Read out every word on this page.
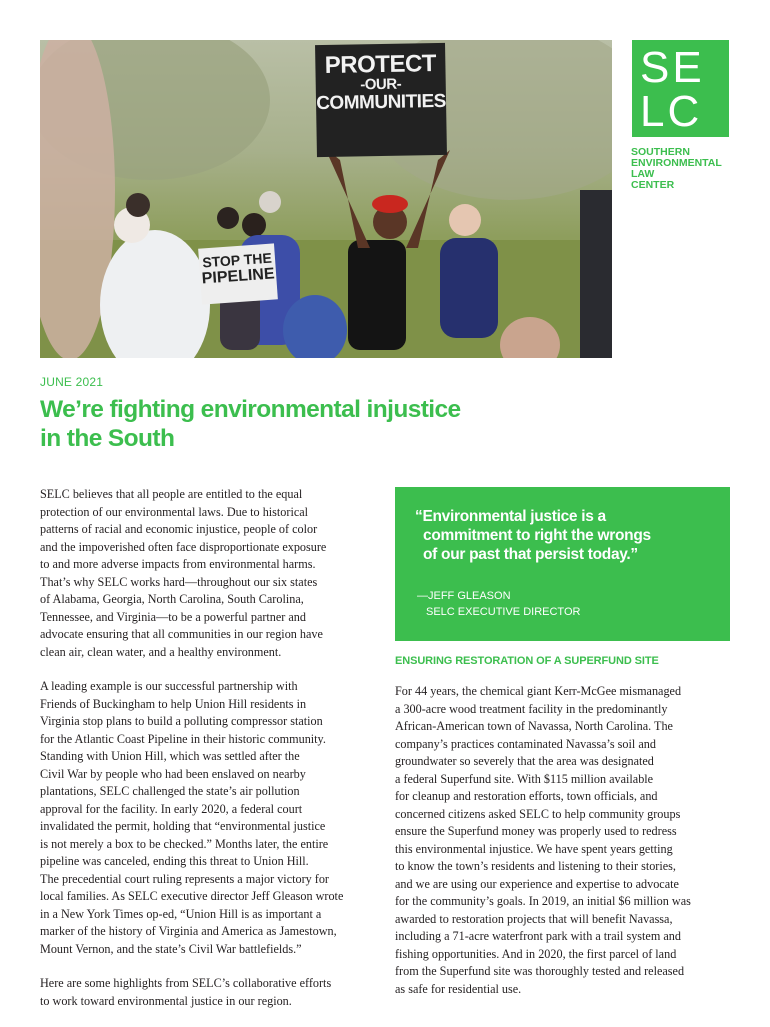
PROTECT
-OUR-
COMMUNITIES
STOP THE
PIPELINE
SE
LC
SOUTHERN
ENVIRONMENTAL
LAW
CENTER
JUNE 2021
We’re fighting environmental injustice
in the South

SELC believes that all people are entitled to the equal
protection of our environmental laws. Due to historical
patterns of racial and economic injustice, people of color
and the impoverished often face disproportionate exposure
to and more adverse impacts from environmental harms.
That’s why SELC works hard—throughout our six states
of Alabama, Georgia, North Carolina, South Carolina,
Tennessee, and Virginia—to be a powerful partner and
advocate ensuring that all communities in our region have
clean air, clean water, and a healthy environment.

A leading example is our successful partnership with
Friends of Buckingham to help Union Hill residents in
Virginia stop plans to build a polluting compressor station
for the Atlantic Coast Pipeline in their historic community.
Standing with Union Hill, which was settled after the
Civil War by people who had been enslaved on nearby
plantations, SELC challenged the state’s air pollution
approval for the facility. In early 2020, a federal court
invalidated the permit, holding that “environmental justice
is not merely a box to be checked.” Months later, the entire
pipeline was canceled, ending this threat to Union Hill.
The precedential court ruling represents a major victory for
local families. As SELC executive director Jeff Gleason wrote
in a New York Times op-ed, “Union Hill is as important a
marker of the history of Virginia and America as Jamestown,
Mount Vernon, and the state’s Civil War battlefields.”

Here are some highlights from SELC’s collaborative efforts
to work toward environmental justice in our region.

“Environmental justice is a
commitment to right the wrongs
of our past that persist today.”

—JEFF GLEASON
SELC EXECUTIVE DIRECTOR
ENSURING RESTORATION OF A SUPERFUND SITE

For 44 years, the chemical giant Kerr-McGee mismanaged
a 300-acre wood treatment facility in the predominantly
African-American town of Navassa, North Carolina. The
company’s practices contaminated Navassa’s soil and
groundwater so severely that the area was designated
a federal Superfund site. With $115 million available
for cleanup and restoration efforts, town officials, and
concerned citizens asked SELC to help community groups
ensure the Superfund money was properly used to redress
this environmental injustice. We have spent years getting
to know the town’s residents and listening to their stories,
and we are using our experience and expertise to advocate
for the community’s goals. In 2019, an initial $6 million was
awarded to restoration projects that will benefit Navassa,
including a 71-acre waterfront park with a trail system and
fishing opportunities. And in 2020, the first parcel of land
from the Superfund site was thoroughly tested and released
as safe for residential use.
